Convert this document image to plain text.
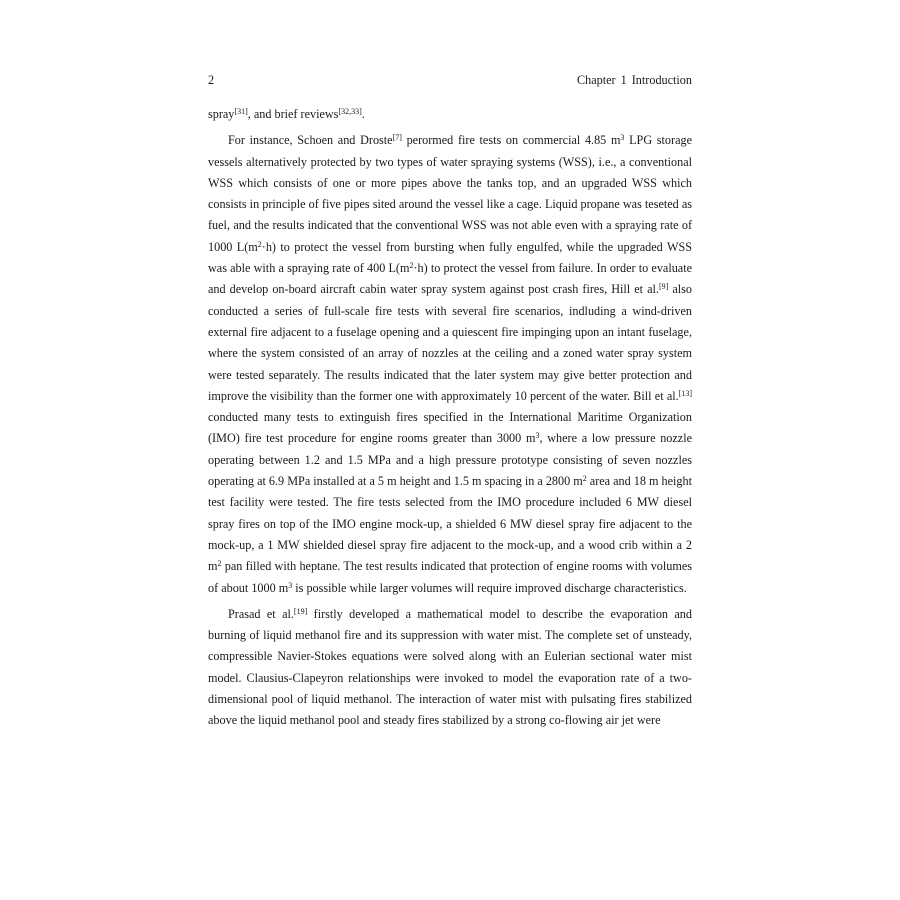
2	Chapter 1 Introduction

spray[31], and brief reviews[32,33].

For instance, Schoen and Droste[7] perormed fire tests on commercial 4.85 $m^3$ LPG storage vessels alternatively protected by two types of water spraying systems (WSS), i.e., a conventional WSS which consists of one or more pipes above the tanks top, and an upgraded WSS which consists in principle of five pipes sited around the vessel like a cage. Liquid propane was teseted as fuel, and the results indicated that the conventional WSS was not able even with a spraying rate of 1000 $L(m^2\cdot h)$ to protect the vessel from bursting when fully engulfed, while the upgraded WSS was able with a spraying rate of 400 $L(m^2\cdot h)$ to protect the vessel from failure. In order to evaluate and develop on-board aircraft cabin water spray system against post crash fires, Hill et al.[9] also conducted a series of full-scale fire tests with several fire scenarios, indluding a wind-driven external fire adjacent to a fuselage opening and a quiescent fire impinging upon an intant fuselage, where the system consisted of an array of nozzles at the ceiling and a zoned water spray system were tested separately. The results indicated that the later system may give better protection and improve the visibility than the former one with approximately 10 percent of the water. Bill et al.[13] conducted many tests to extinguish fires specified in the International Maritime Organization (IMO) fire test procedure for engine rooms greater than 3000 $m^3$, where a low pressure nozzle operating between 1.2 and 1.5 MPa and a high pressure prototype consisting of seven nozzles operating at 6.9 MPa installed at a 5 m height and 1.5 m spacing in a 2800 $m^2$ area and 18 m height test facility were tested. The fire tests selected from the IMO procedure included 6 MW diesel spray fires on top of the IMO engine mock-up, a shielded 6 MW diesel spray fire adjacent to the mock-up, a 1 MW shielded diesel spray fire adjacent to the mock-up, and a wood crib within a 2 $m^2$ pan filled with heptane. The test results indicated that protection of engine rooms with volumes of about 1000 $m^3$ is possible while larger volumes will require improved discharge characteristics.

Prasad et al.[19] firstly developed a mathematical model to describe the evaporation and burning of liquid methanol fire and its suppression with water mist. The complete set of unsteady, compressible Navier-Stokes equations were solved along with an Eulerian sectional water mist model. Clausius-Clapeyron relationships were invoked to model the evaporation rate of a two-dimensional pool of liquid methanol. The interaction of water mist with pulsating fires stabilized above the liquid methanol pool and steady fires stabilized by a strong co-flowing air jet were
